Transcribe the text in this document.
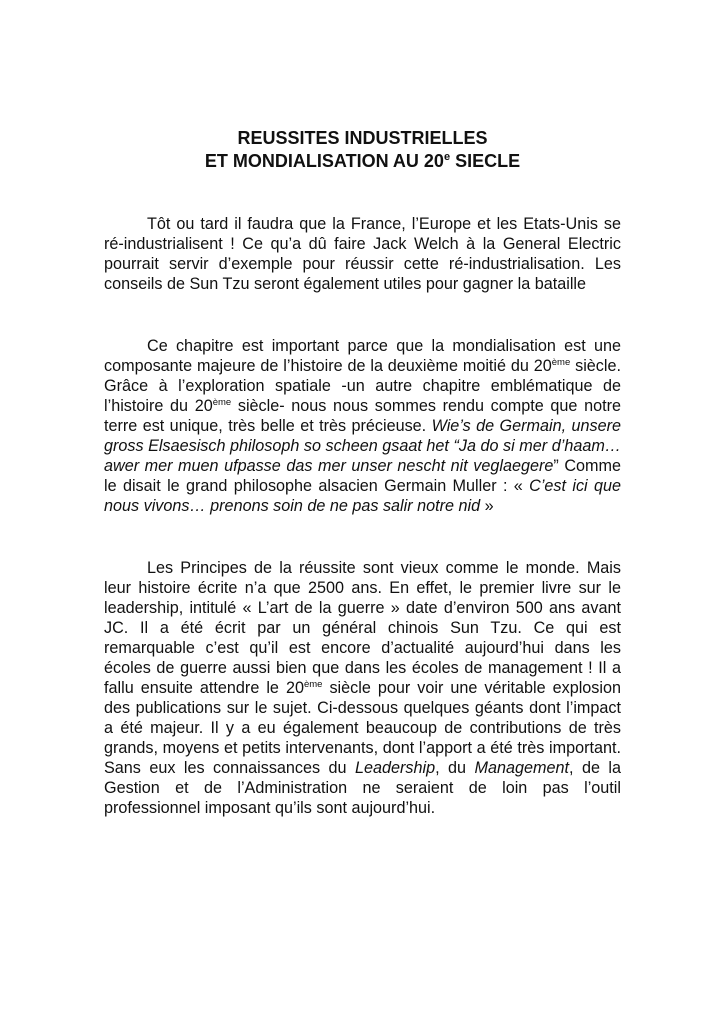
REUSSITES INDUSTRIELLES
ET MONDIALISATION AU 20e SIECLE

Tôt ou tard il faudra que la France, l’Europe et les Etats-Unis se ré-industrialisent ! Ce qu’a dû faire Jack Welch à la General Electric pourrait servir d’exemple pour réussir cette ré-industrialisation. Les conseils de Sun Tzu seront également utiles pour gagner la bataille

Ce chapitre est important parce que la mondialisation est une composante majeure de l’histoire de la deuxième moitié du 20ème siècle. Grâce à l’exploration spatiale -un autre chapitre emblématique de l’histoire du 20ème siècle- nous nous sommes rendu compte que notre terre est unique, très belle et très précieuse. Wie’s de Germain, unsere gross Elsaesisch philosoph so scheen gsaat het “Ja do si mer d’haam… awer mer muen ufpasse das mer unser nescht nit veglaegere” Comme le disait le grand philosophe alsacien Germain Muller : « C’est ici que nous vivons… prenons soin de ne pas salir notre nid »

Les Principes de la réussite sont vieux comme le monde. Mais leur histoire écrite n’a que 2500 ans. En effet, le premier livre sur le leadership, intitulé « L’art de la guerre » date d’environ 500 ans avant JC. Il a été écrit par un général chinois Sun Tzu. Ce qui est remarquable c’est qu’il est encore d’actualité aujourd’hui dans les écoles de guerre aussi bien que dans les écoles de management ! Il a fallu ensuite attendre le 20ème siècle pour voir une véritable explosion des publications sur le sujet. Ci-dessous quelques géants dont l’impact a été majeur. Il y a eu également beaucoup de contributions de très grands, moyens et petits intervenants, dont l’apport a été très important. Sans eux les connaissances du Leadership, du Management, de la Gestion et de l’Administration ne seraient de loin pas l’outil professionnel imposant qu’ils sont aujourd’hui.
